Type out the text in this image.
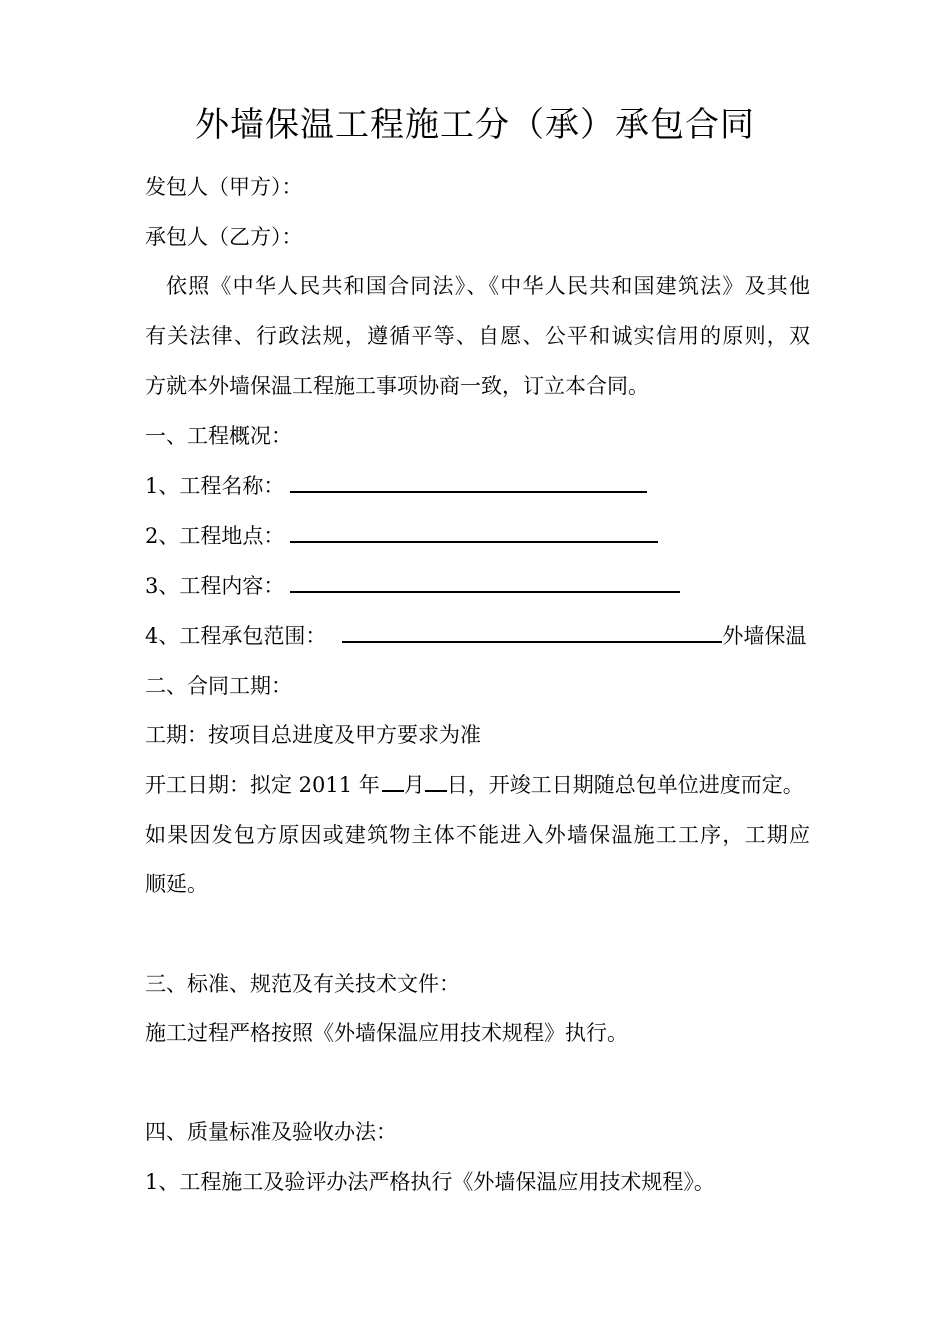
外墙保温工程施工分（承）承包合同
发包人（甲方）：
承包人（乙方）：
依照《中华人民共和国合同法》、《中华人民共和国建筑法》及其他
有关法律、行政法规，遵循平等、自愿、公平和诚实信用的原则，双
方就本外墙保温工程施工事项协商一致，订立本合同。
一、工程概况：
1、工程名称：
2、工程地点：
3、工程内容：
4、工程承包范围：	外墙保温
二、合同工期：
工期：按项目总进度及甲方要求为准
开工日期：拟定 2011 年 月 日，开竣工日期随总包单位进度而定。
如果因发包方原因或建筑物主体不能进入外墙保温施工工序，工期应
顺延。
三、标准、规范及有关技术文件：
施工过程严格按照《外墙保温应用技术规程》执行。
四、质量标准及验收办法：
1、工程施工及验评办法严格执行《外墙保温应用技术规程》。
